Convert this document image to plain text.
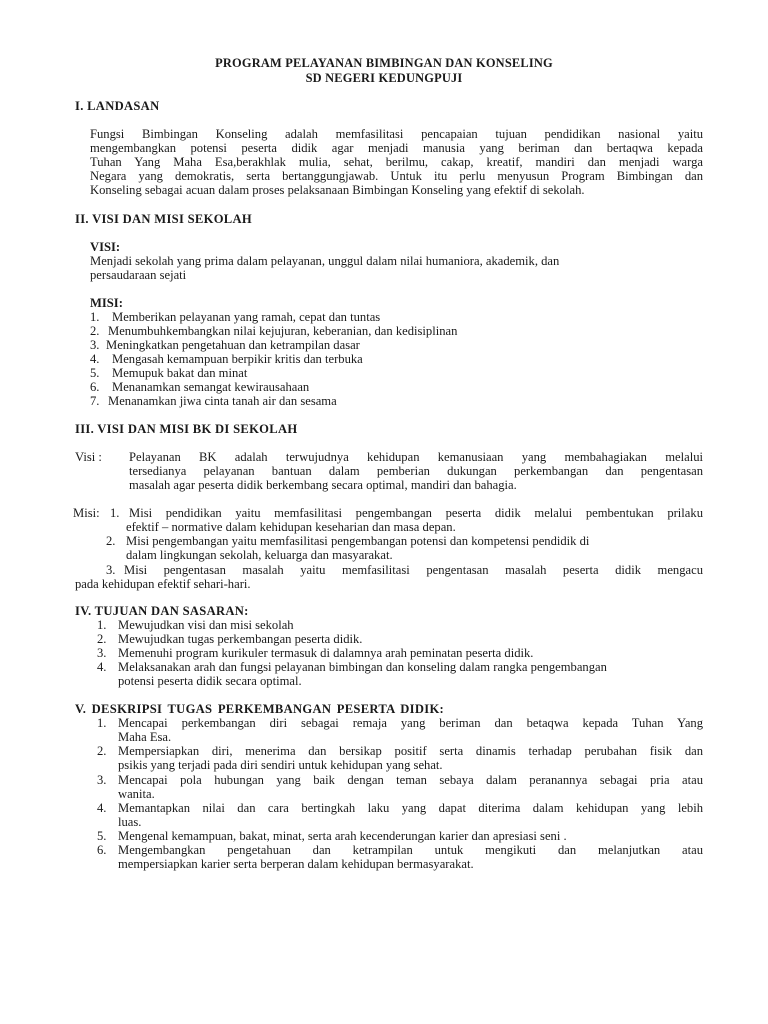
PROGRAM PELAYANAN BIMBINGAN DAN KONSELING
SD NEGERI KEDUNGPUJI
I. LANDASAN
Fungsi Bimbingan Konseling adalah memfasilitasi pencapaian tujuan pendidikan nasional yaitu
mengembangkan potensi peserta didik agar menjadi manusia yang beriman dan bertaqwa kepada
Tuhan Yang Maha Esa,berakhlak mulia, sehat, berilmu, cakap, kreatif, mandiri dan menjadi warga
Negara yang demokratis, serta bertanggungjawab. Untuk itu perlu menyusun Program Bimbingan dan
Konseling sebagai acuan dalam proses pelaksanaan Bimbingan Konseling yang efektif di sekolah.
II. VISI DAN MISI SEKOLAH
VISI:
Menjadi sekolah yang prima dalam pelayanan, unggul dalam nilai humaniora, akademik, dan
persaudaraan sejati
MISI:
1. Memberikan pelayanan yang ramah, cepat dan tuntas
2. Menumbuhkembangkan nilai kejujuran, keberanian, dan kedisiplinan
3. Meningkatkan pengetahuan dan ketrampilan dasar
4. Mengasah kemampuan berpikir kritis dan terbuka
5. Memupuk bakat dan minat
6. Menanamkan semangat kewirausahaan
7. Menanamkan jiwa cinta tanah air dan sesama
III. VISI DAN MISI BK DI SEKOLAH
Visi : Pelayanan BK adalah terwujudnya kehidupan kemanusiaan yang membahagiakan melalui
tersedianya pelayanan bantuan dalam pemberian dukungan perkembangan dan pengentasan
masalah agar peserta didik berkembang secara optimal, mandiri dan bahagia.
Misi: 1. Misi pendidikan yaitu memfasilitasi pengembangan peserta didik melalui pembentukan prilaku
efektif – normative dalam kehidupan keseharian dan masa depan.
2. Misi pengembangan yaitu memfasilitasi pengembangan potensi dan kompetensi pendidik di
dalam lingkungan sekolah, keluarga dan masyarakat.
3. Misi pengentasan masalah yaitu memfasilitasi pengentasan masalah peserta didik mengacu
pada kehidupan efektif sehari-hari.
IV. TUJUAN DAN SASARAN:
1. Mewujudkan visi dan misi sekolah
2. Mewujudkan tugas perkembangan peserta didik.
3. Memenuhi program kurikuler termasuk di dalamnya arah peminatan peserta didik.
4. Melaksanakan arah dan fungsi pelayanan bimbingan dan konseling dalam rangka pengembangan
potensi peserta didik secara optimal.
V. DESKRIPSI TUGAS PERKEMBANGAN PESERTA DIDIK:
1. Mencapai perkembangan diri sebagai remaja yang beriman dan betaqwa kepada Tuhan Yang
Maha Esa.
2. Mempersiapkan diri, menerima dan bersikap positif serta dinamis terhadap perubahan fisik dan
psikis yang terjadi pada diri sendiri untuk kehidupan yang sehat.
3. Mencapai pola hubungan yang baik dengan teman sebaya dalam peranannya sebagai pria atau
wanita.
4. Memantapkan nilai dan cara bertingkah laku yang dapat diterima dalam kehidupan yang lebih
luas.
5. Mengenal kemampuan, bakat, minat, serta arah kecenderungan karier dan apresiasi seni .
6. Mengembangkan pengetahuan dan ketrampilan untuk mengikuti dan melanjutkan atau
mempersiapkan karier serta berperan dalam kehidupan bermasyarakat.
